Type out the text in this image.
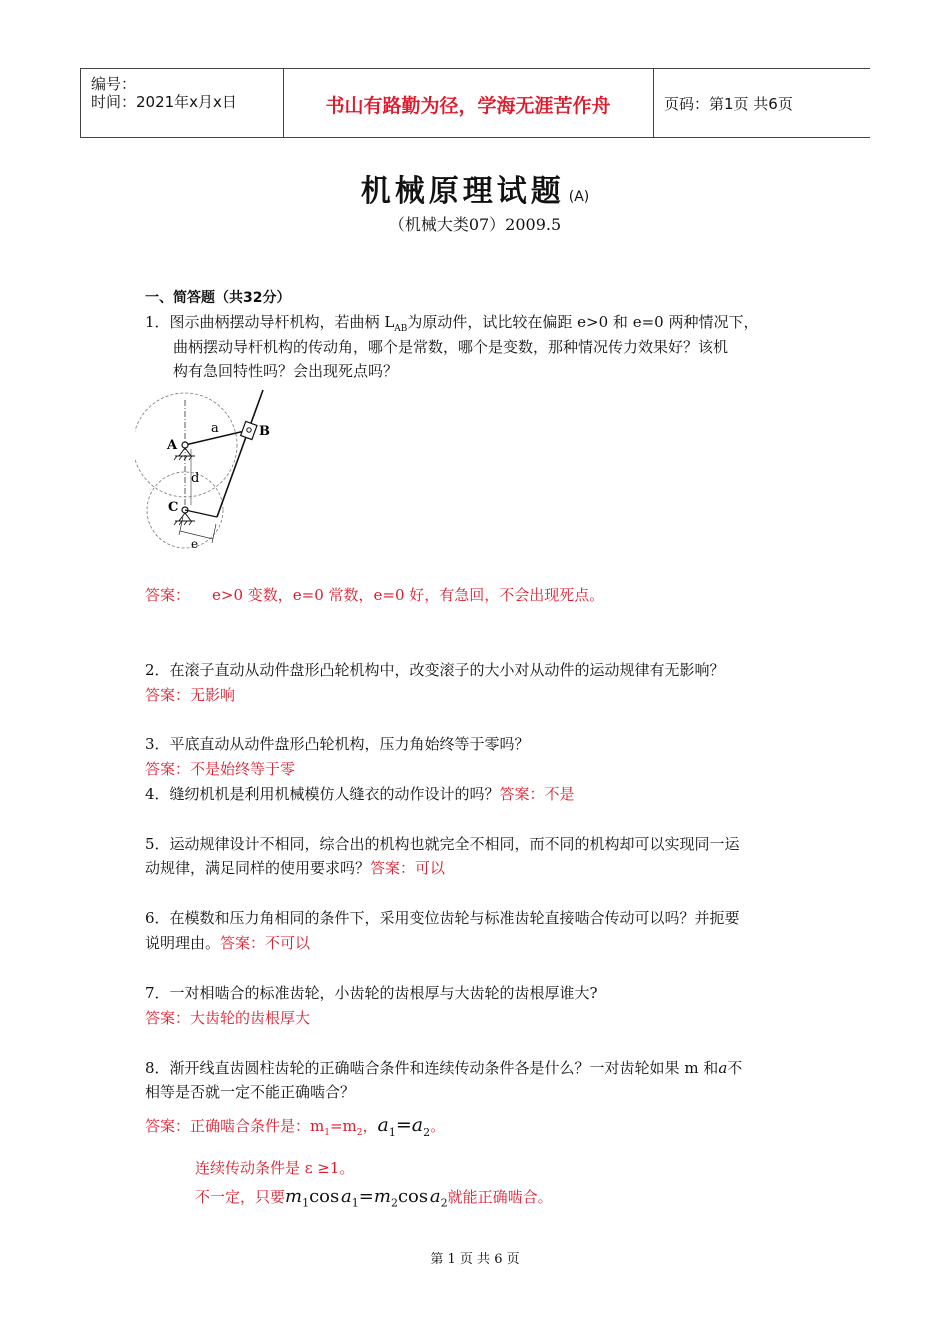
编号：
时间：2021年x月x日	书山有路勤为径，学海无涯苦作舟	页码：第1页 共6页
机械原理试题 (A)
（机械大类07）2009.5
一、简答题（共32分）
1．图示曲柄摆动导杆机构，若曲柄 $L_{AB}$为原动件，试比较在偏距 e>0 和 e=0 两种情况下，
曲柄摆动导杆机构的传动角，哪个是常数，哪个是变数，那种情况传力效果好？该机
构有急回特性吗？会出现死点吗？
A
B
C
a
d
e
答案： e>0 变数，e=0 常数，e=0 好，有急回，不会出现死点。
2．在滚子直动从动件盘形凸轮机构中，改变滚子的大小对从动件的运动规律有无影响？
答案：无影响
3．平底直动从动件盘形凸轮机构，压力角始终等于零吗？
答案：不是始终等于零
4．缝纫机机是利用机械模仿人缝衣的动作设计的吗？答案：不是
5．运动规律设计不相同，综合出的机构也就完全不相同，而不同的机构却可以实现同一运
动规律，满足同样的使用要求吗？答案：可以
6．在模数和压力角相同的条件下，采用变位齿轮与标准齿轮直接啮合传动可以吗？并扼要
说明理由。答案：不可以
7．一对相啮合的标准齿轮，小齿轮的齿根厚与大齿轮的齿根厚谁大?
答案：大齿轮的齿根厚大
8．渐开线直齿圆柱齿轮的正确啮合条件和连续传动条件各是什么？一对齿轮如果 m 和a不
相等是否就一定不能正确啮合？
答案：正确啮合条件是：$m_1=m_2$，$a_1=a_2$。
连续传动条件是 ε ≥1。
不一定，只要$m_1\cos$ $a_1=m_2\cos$ $a_2$就能正确啮合。
第 1 页 共 6 页
